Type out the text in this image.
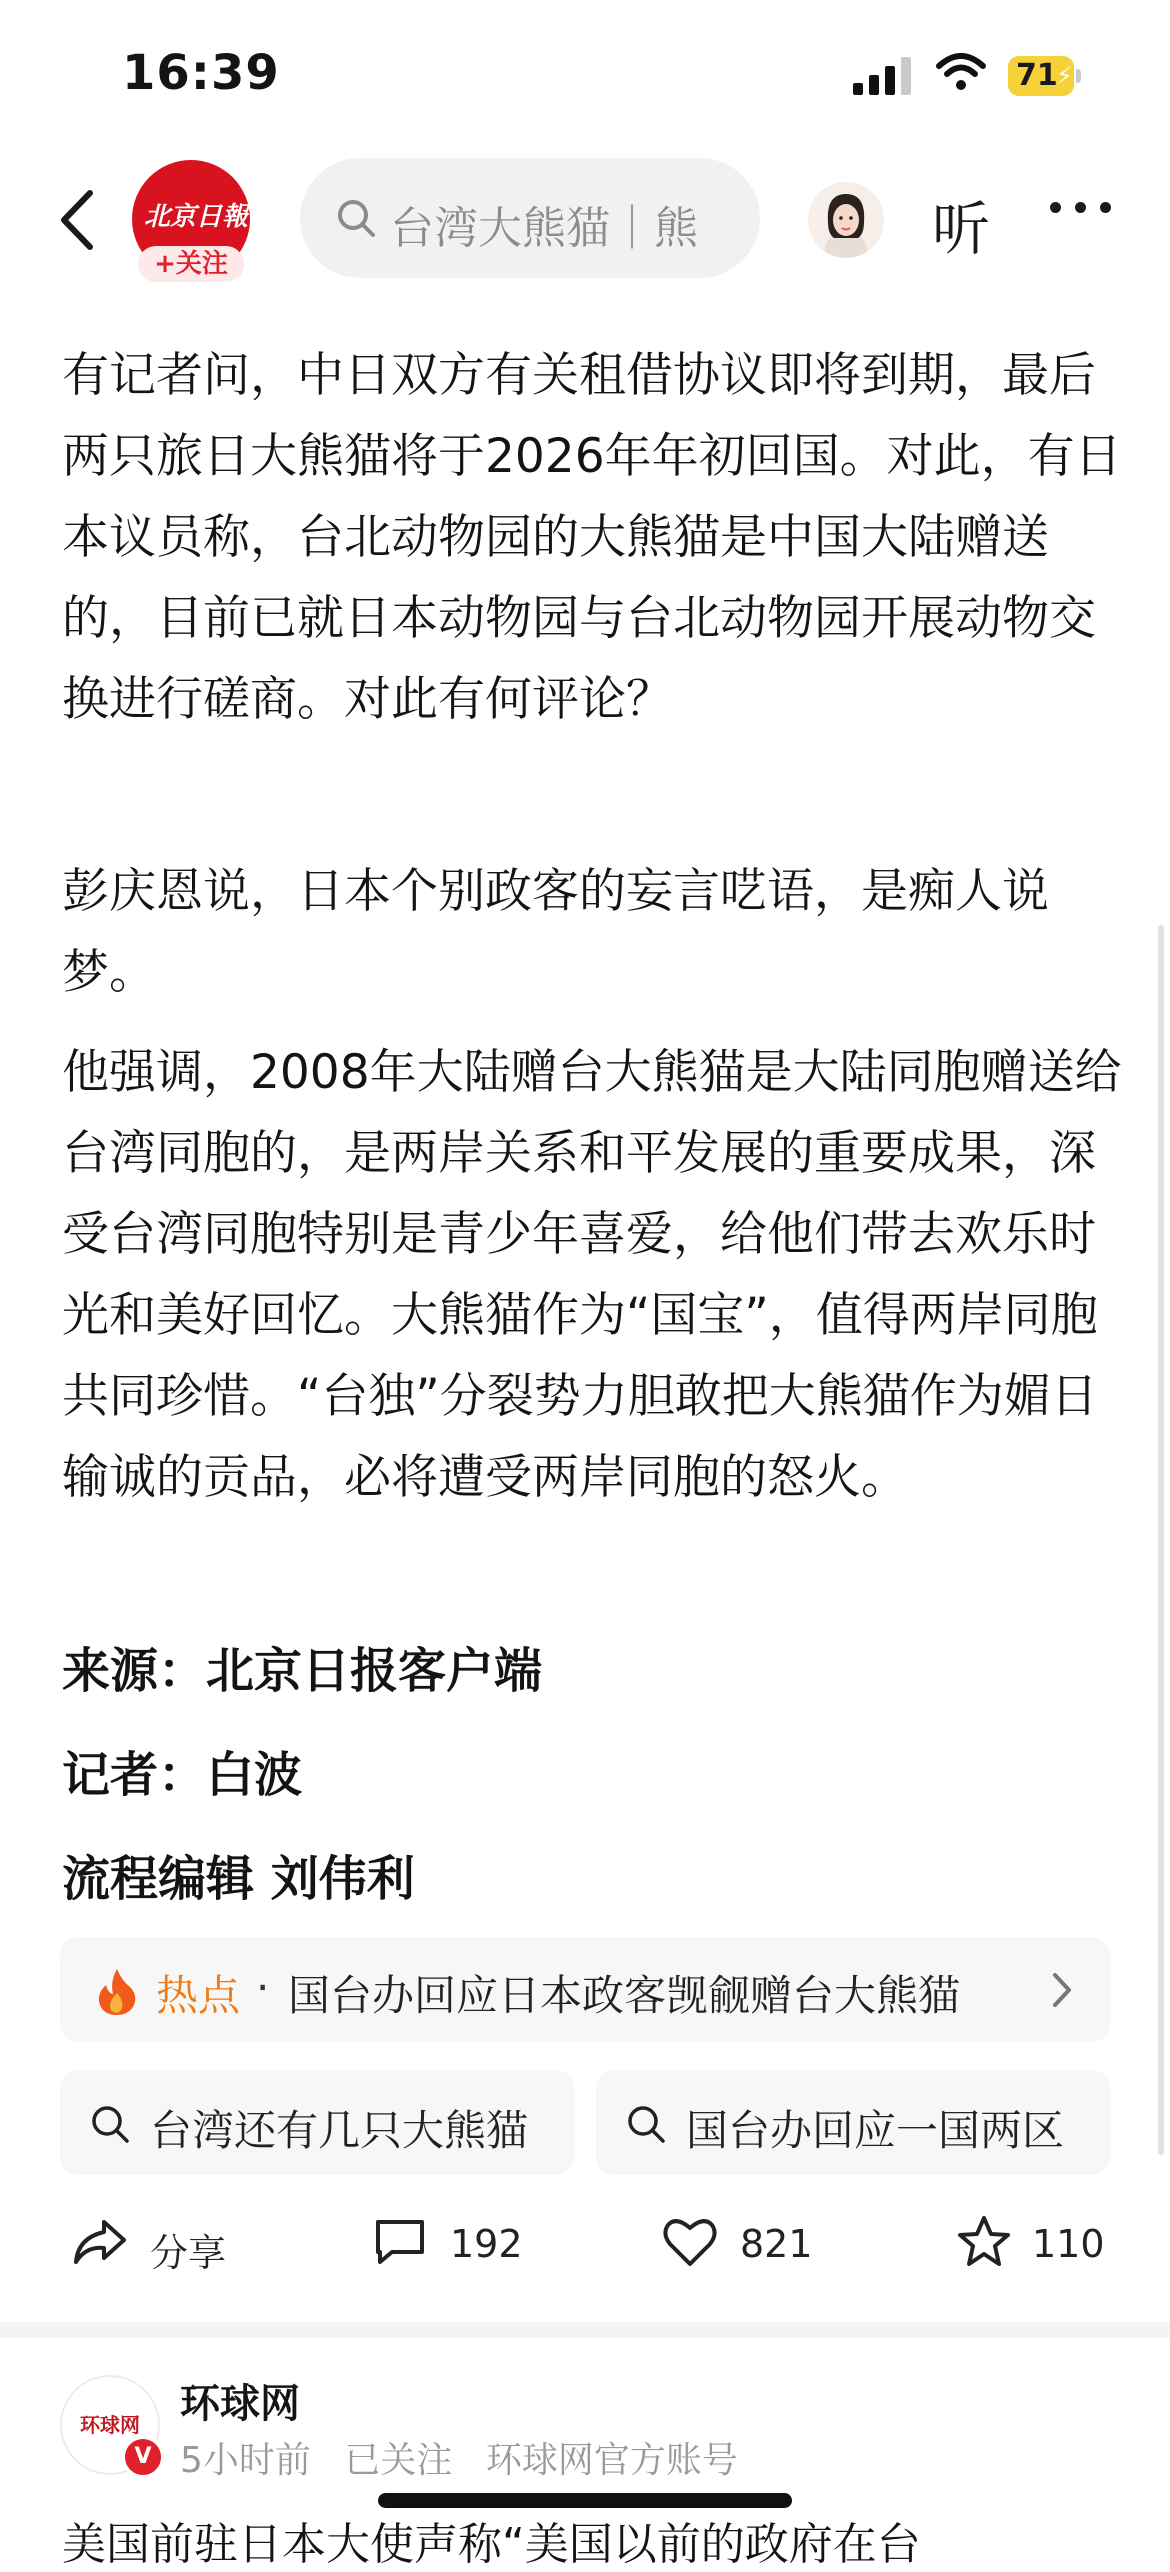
16:39	71
⚡
北京日報
+关注
台湾大熊猫｜熊	听

有记者问，中日双方有关租借协议即将到期，最后两只旅日大熊猫将于2026年年初回国。对此，有日本议员称，台北动物园的大熊猫是中国大陆赠送的，目前已就日本动物园与台北动物园开展动物交换进行磋商。对此有何评论？

彭庆恩说，日本个别政客的妄言呓语，是痴人说梦。

他强调，2008年大陆赠台大熊猫是大陆同胞赠送给台湾同胞的，是两岸关系和平发展的重要成果，深受台湾同胞特别是青少年喜爱，给他们带去欢乐时光和美好回忆。大熊猫作为“国宝”，值得两岸同胞共同珍惜。“台独”分裂势力胆敢把大熊猫作为媚日输诚的贡品，必将遭受两岸同胞的怒火。

来源：北京日报客户端
记者：白波
流程编辑 刘伟利
热点 · 国台办回应日本政客觊觎赠台大熊猫
台湾还有几只大熊猫	国台办回应一国两区
分享	192	821	110
环球网
V
环球网
5小时前 已关注 环球网官方账号
美国前驻日本大使声称“美国以前的政府在台
